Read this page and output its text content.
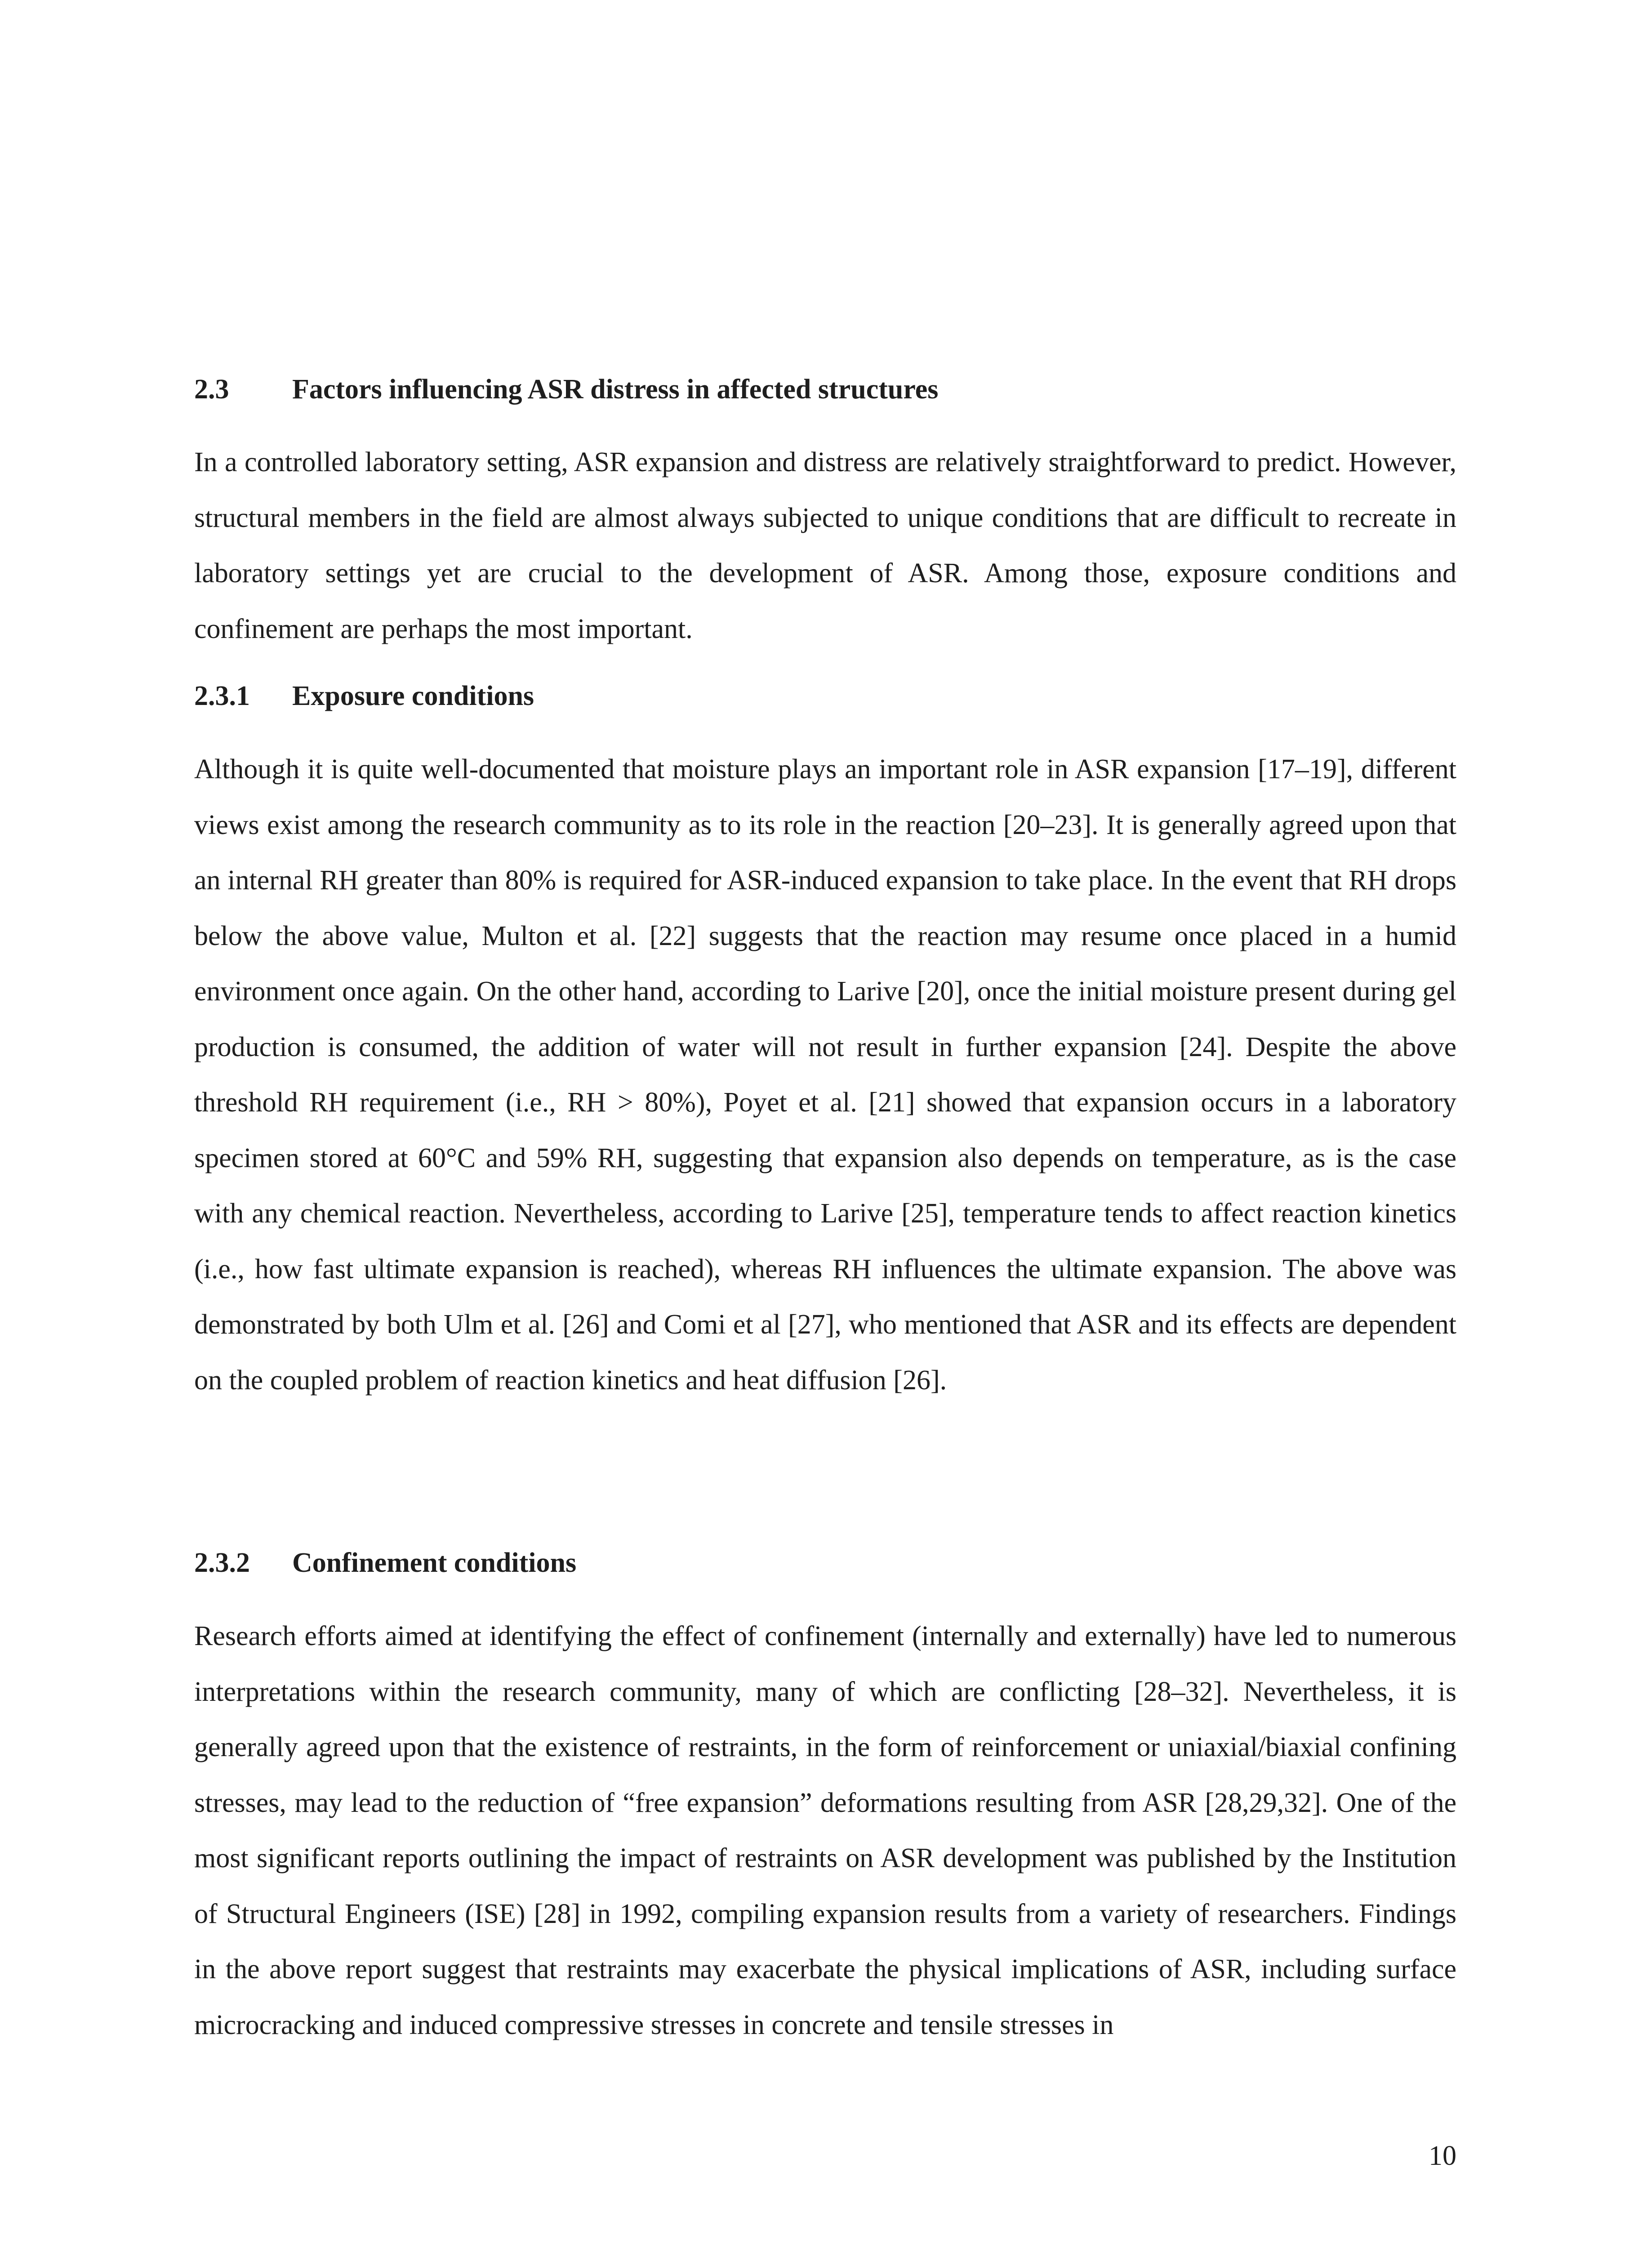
2.3 Factors influencing ASR distress in affected structures

In a controlled laboratory setting, ASR expansion and distress are relatively straightforward to predict. However, structural members in the field are almost always subjected to unique conditions that are difficult to recreate in laboratory settings yet are crucial to the development of ASR. Among those, exposure conditions and confinement are perhaps the most important.

2.3.1 Exposure conditions

Although it is quite well-documented that moisture plays an important role in ASR expansion [17–19], different views exist among the research community as to its role in the reaction [20–23]. It is generally agreed upon that an internal RH greater than 80% is required for ASR-induced expansion to take place. In the event that RH drops below the above value, Multon et al. [22] suggests that the reaction may resume once placed in a humid environment once again. On the other hand, according to Larive [20], once the initial moisture present during gel production is consumed, the addition of water will not result in further expansion [24]. Despite the above threshold RH requirement (i.e., RH > 80%), Poyet et al. [21] showed that expansion occurs in a laboratory specimen stored at 60°C and 59% RH, suggesting that expansion also depends on temperature, as is the case with any chemical reaction. Nevertheless, according to Larive [25], temperature tends to affect reaction kinetics (i.e., how fast ultimate expansion is reached), whereas RH influences the ultimate expansion. The above was demonstrated by both Ulm et al. [26] and Comi et al [27], who mentioned that ASR and its effects are dependent on the coupled problem of reaction kinetics and heat diffusion [26].

2.3.2 Confinement conditions

Research efforts aimed at identifying the effect of confinement (internally and externally) have led to numerous interpretations within the research community, many of which are conflicting [28–32]. Nevertheless, it is generally agreed upon that the existence of restraints, in the form of reinforcement or uniaxial/biaxial confining stresses, may lead to the reduction of “free expansion” deformations resulting from ASR [28,29,32]. One of the most significant reports outlining the impact of restraints on ASR development was published by the Institution of Structural Engineers (ISE) [28] in 1992, compiling expansion results from a variety of researchers. Findings in the above report suggest that restraints may exacerbate the physical implications of ASR, including surface microcracking and induced compressive stresses in concrete and tensile stresses in

10
